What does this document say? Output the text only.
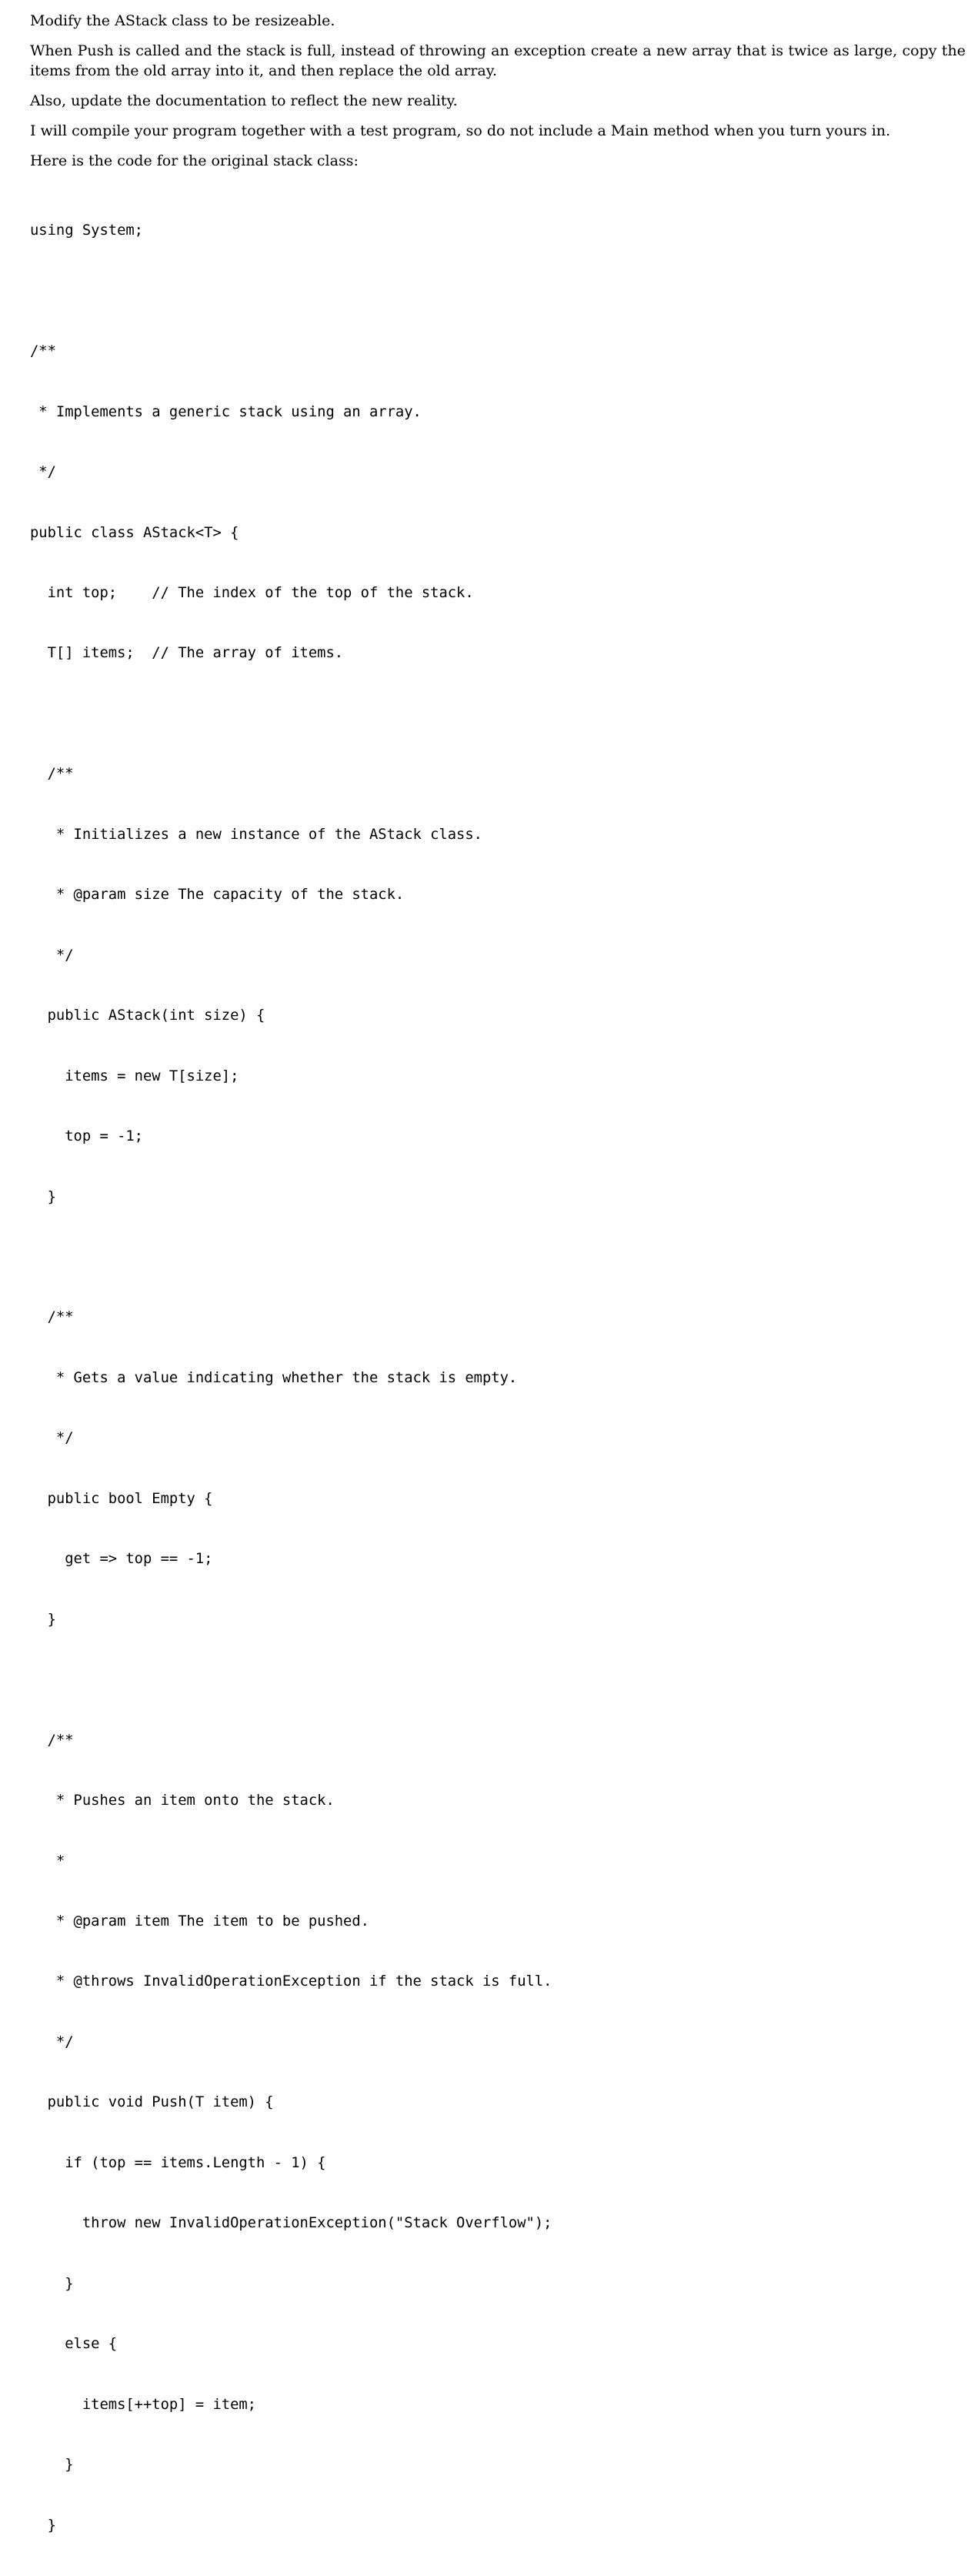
Modify the AStack class to be resizeable.

When Push is called and the stack is full, instead of throwing an exception create a new array that is twice as large, copy the items from the old array into it, and then replace the old array.

Also, update the documentation to reflect the new reality.

I will compile your program together with a test program, so do not include a Main method when you turn yours in.

Here is the code for the original stack class:

using System;

/**

* Implements a generic stack using an array.

*/

public class AStack<T> {

int top;    // The index of the top of the stack.

T[] items;  // The array of items.

/**

* Initializes a new instance of the AStack class.

* @param size The capacity of the stack.

*/

public AStack(int size) {

items = new T[size];

top = -1;

}

/**

* Gets a value indicating whether the stack is empty.

*/

public bool Empty {

get => top == -1;

}

/**

* Pushes an item onto the stack.

*

* @param item The item to be pushed.

* @throws InvalidOperationException if the stack is full.

*/

public void Push(T item) {

if (top == items.Length - 1) {

throw new InvalidOperationException("Stack Overflow");

}

else {

items[++top] = item;

}

}
